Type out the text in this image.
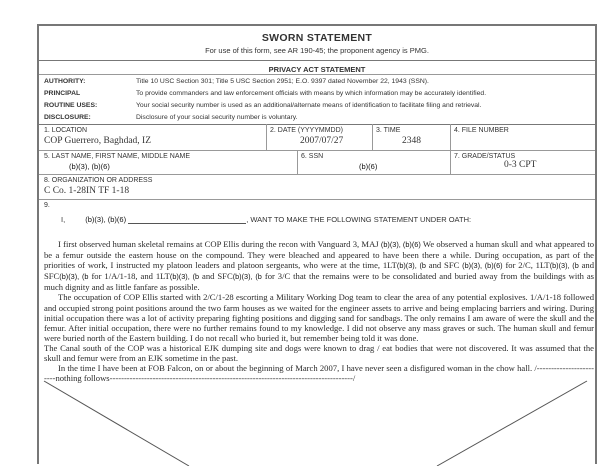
SWORN STATEMENT
For use of this form, see AR 190-45; the proponent agency is PMG.
PRIVACY ACT STATEMENT
AUTHORITY:	Title 10 USC Section 301; Title 5 USC Section 2951; E.O. 9397 dated November 22, 1943 (SSN).
PRINCIPAL	To provide commanders and law enforcement officials with means by which information may be accurately identified.
ROUTINE USES:	Your social security number is used as an additional/alternate means of identification to facilitate filing and retrieval.
DISCLOSURE:	Disclosure of your social security number is voluntary.
1. LOCATION
COP Guerrero, Baghdad, IZ
2. DATE (YYYYMMDD)
2007/07/27
3. TIME
2348
4. FILE NUMBER
5. LAST NAME, FIRST NAME, MIDDLE NAME
(b)(3), (b)(6)
6. SSN
(b)(6)
7. GRADE/STATUS
0-3 CPT
8. ORGANIZATION OR ADDRESS
C Co. 1-28IN TF 1-18
9.
I,	(b)(3), (b)(6)	, WANT TO MAKE THE FOLLOWING STATEMENT UNDER OATH:

I first observed human skeletal remains at COP Ellis during the recon with Vanguard 3, MAJ (b)(3), (b)(6) We observed a human skull and what appeared to be a femur outside the eastern house on the compound. They were bleached and appeared to have been there a while. During occupation, as part of the priorities of work, I instructed my platoon leaders and platoon sergeants, who were at the time, 1LT(b)(3), (b and SFC (b)(3), (b)(6) for 2/C, 1LT(b)(3), (b and SFC(b)(3), (b for 1/A/1-18, and 1LT(b)(3), (b and SFC(b)(3), (b for 3/C that the remains were to be consolidated and buried away from the buildings with as much dignity and as little fanfare as possible.

The occupation of COP Ellis started with 2/C/1-28 escorting a Military Working Dog team to clear the area of any potential explosives. 1/A/1-18 followed and occupied strong point positions around the two farm houses as we waited for the engineer assets to arrive and being emplacing barriers and wiring. During initial occupation there was a lot of activity preparing fighting positions and digging sand for sandbags. The only remains I am aware of were the skull and the femur. After initial occupation, there were no further remains found to my knowledge. I did not observe any mass graves or such. The human skull and femur were buried north of the Eastern building. I do not recall who buried it, but remember being told it was done.

The Canal south of the COP was a historical EJK dumping site and dogs were known to drag / eat bodies that were not discovered. It was assumed that the skull and femur were from an EJK sometime in the past.

In the time I have been at FOB Falcon, on or about the beginning of March 2007, I have never seen a disfigured woman in the chow hall. /------------------------nothing follows-------------------------------------------------------------------------------------/
